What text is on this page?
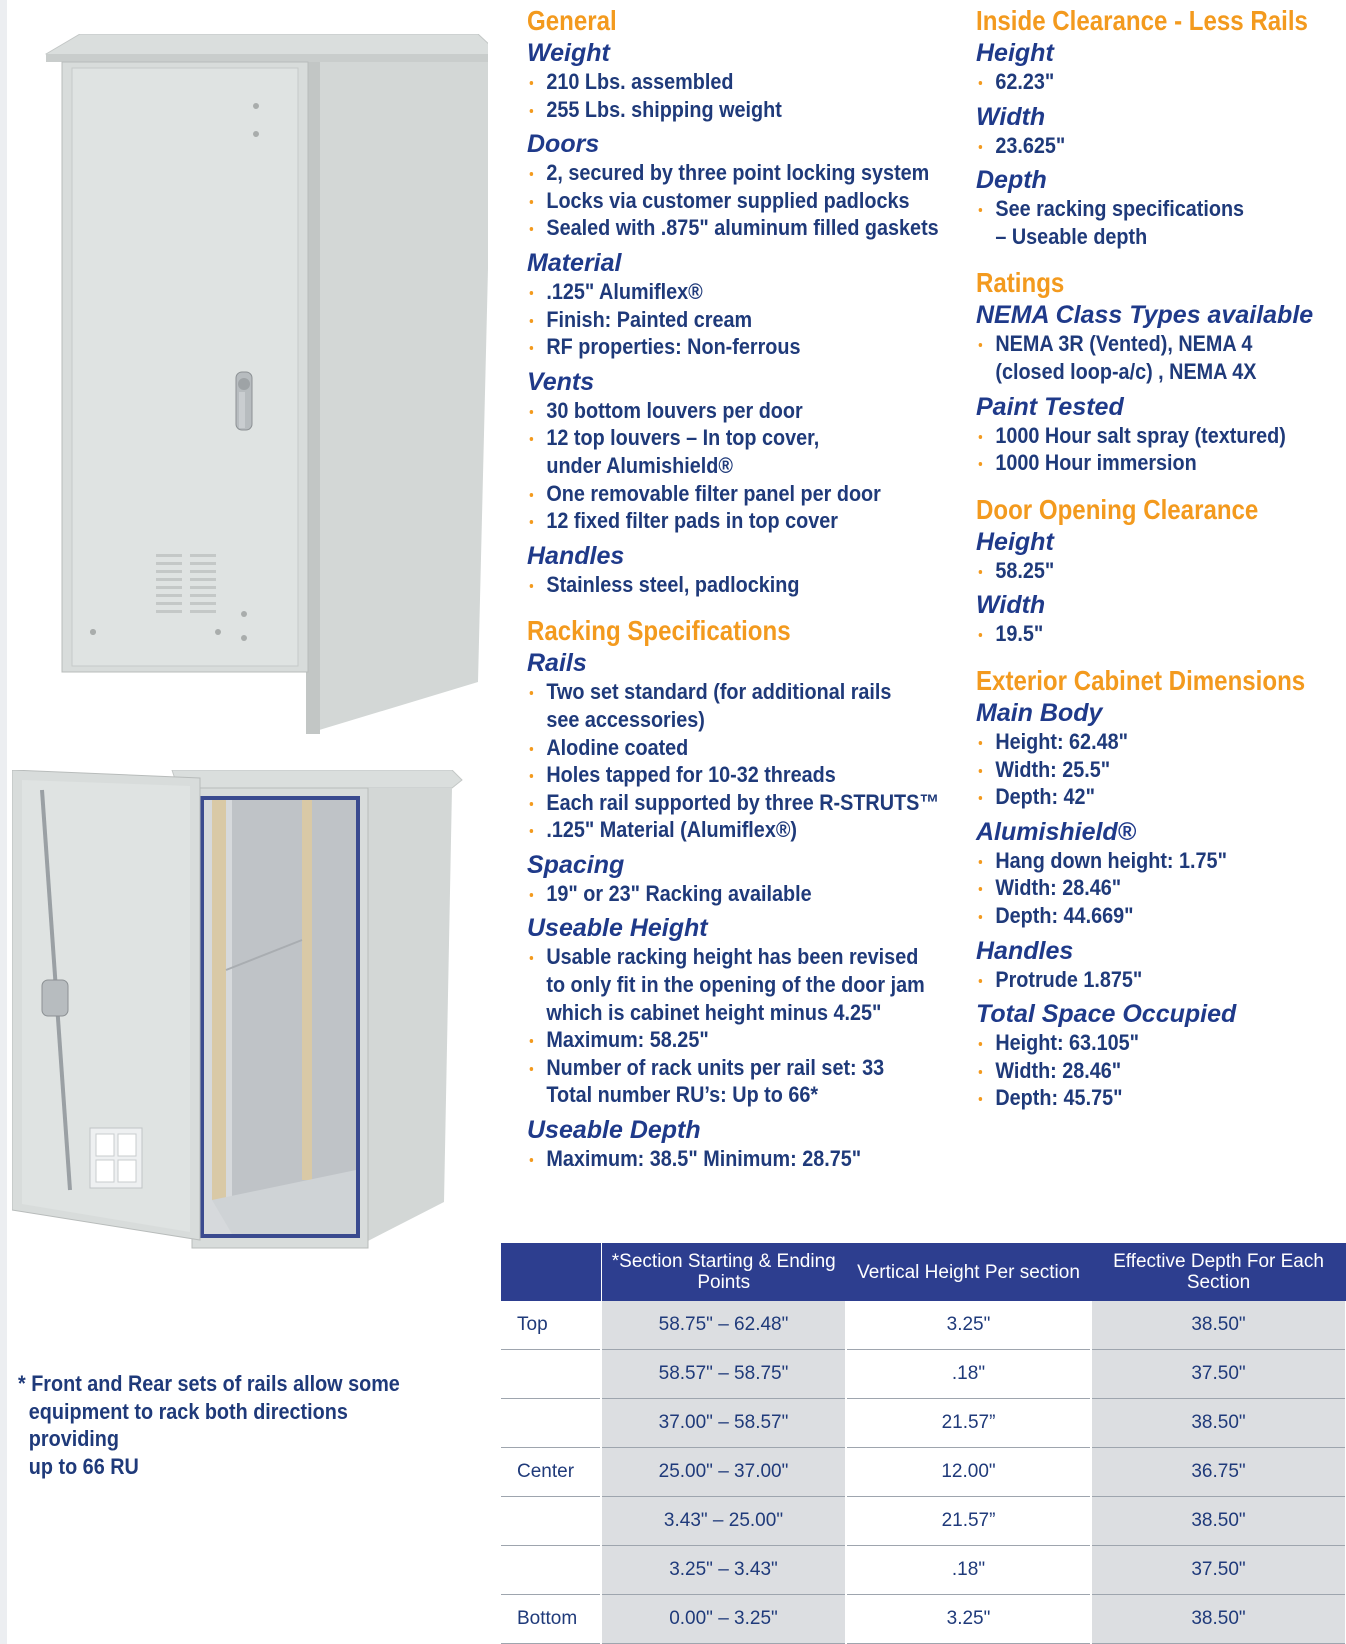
General
Weight
210 Lbs. assembled
255 Lbs. shipping weight
Doors
2, secured by three point locking system
Locks via customer supplied padlocks
Sealed with .875" aluminum filled gaskets
Material
.125" Alumiflex®
Finish: Painted cream
RF properties: Non-ferrous
Vents
30 bottom louvers per door
12 top louvers – In top cover,
under Alumishield®
One removable filter panel per door
12 fixed filter pads in top cover
Handles
Stainless steel, padlocking
Racking Specifications
Rails
Two set standard (for additional rails
see accessories)
Alodine coated
Holes tapped for 10-32 threads
Each rail supported by three R-STRUTS™
.125" Material (Alumiflex®)
Spacing
19" or 23" Racking available
Useable Height
Usable racking height has been revised
to only fit in the opening of the door jam
which is cabinet height minus 4.25"
Maximum: 58.25"
Number of rack units per rail set: 33
Total number RU’s: Up to 66*
Useable Depth
Maximum: 38.5" Minimum: 28.75"
Inside Clearance - Less Rails
Height
62.23"
Width
23.625"
Depth
See racking specifications
– Useable depth
Ratings
NEMA Class Types available
NEMA 3R (Vented), NEMA 4
(closed loop-a/c) , NEMA 4X
Paint Tested
1000 Hour salt spray (textured)
1000 Hour immersion
Door Opening Clearance
Height
58.25"
Width
19.5"
Exterior Cabinet Dimensions
Main Body
Height: 62.48"
Width: 25.5"
Depth: 42"
Alumishield®
Hang down height: 1.75"
Width: 28.46"
Depth: 44.669"
Handles
Protrude 1.875"
Total Space Occupied
Height: 63.105"
Width: 28.46"
Depth: 45.75"
* Front and Rear sets of rails allow some
equipment to rack both directions providing
up to 66 RU
	*Section Starting & Ending Points	Vertical Height Per section	Effective Depth For Each Section
Top	58.75" – 62.48"	3.25"	38.50"
	58.57" – 58.75"	.18"	37.50"
	37.00" – 58.57"	21.57”	38.50"
Center	25.00" – 37.00"	12.00"	36.75"
	3.43" – 25.00"	21.57”	38.50"
	3.25" – 3.43"	.18"	37.50"
Bottom	0.00" – 3.25"	3.25"	38.50"
